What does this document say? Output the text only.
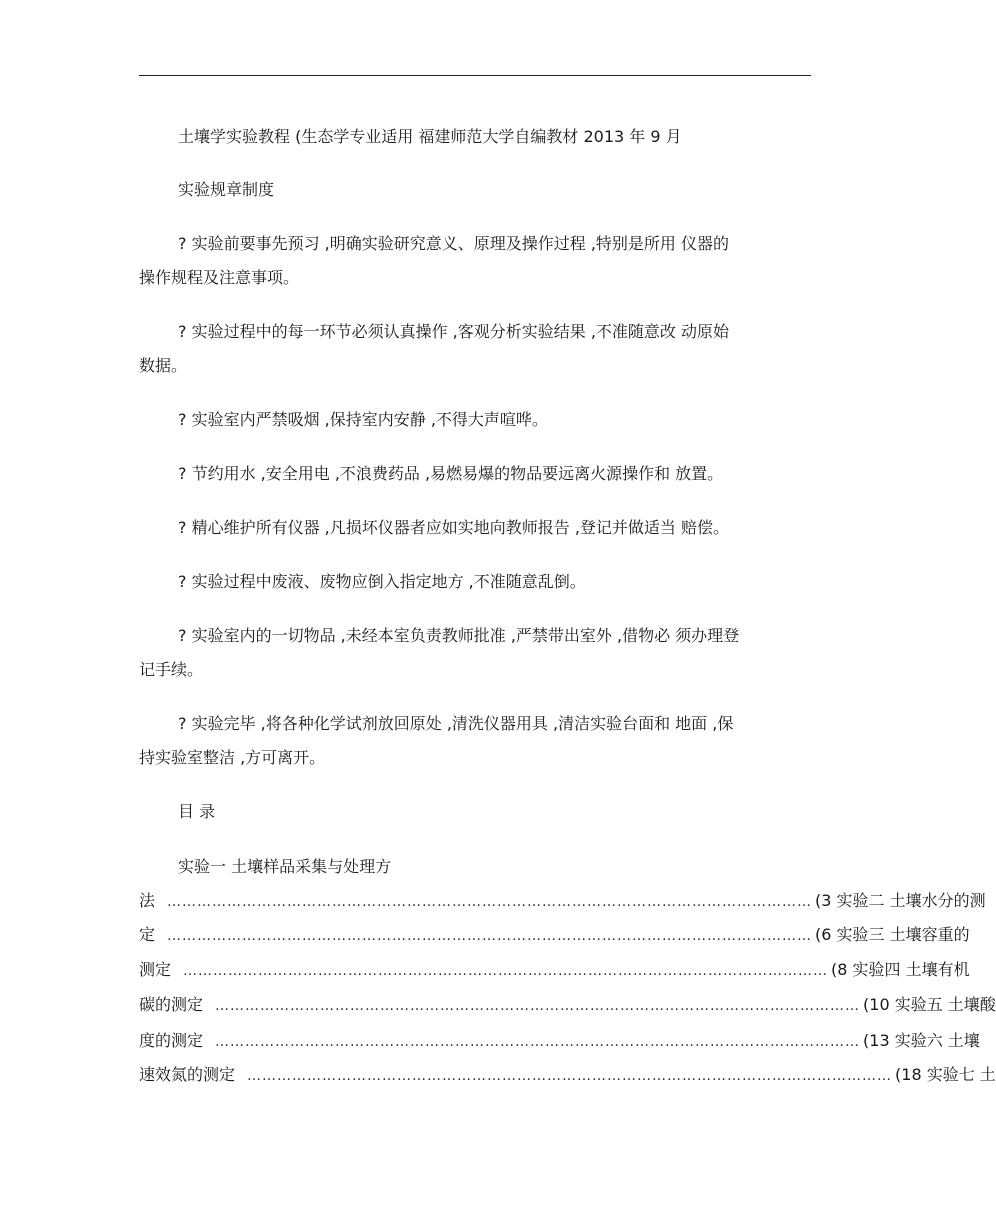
土壤学实验教程 (生态学专业适用 福建师范大学自编教材 2013 年 9 月
实验规章制度
? 实验前要事先预习 ,明确实验研究意义、原理及操作过程 ,特别是所用 仪器的
操作规程及注意事项。
? 实验过程中的每一环节必须认真操作 ,客观分析实验结果 ,不准随意改 动原始
数据。
? 实验室内严禁吸烟 ,保持室内安静 ,不得大声喧哗。
? 节约用水 ,安全用电 ,不浪费药品 ,易燃易爆的物品要远离火源操作和 放置。
? 精心维护所有仪器 ,凡损坏仪器者应如实地向教师报告 ,登记并做适当 赔偿。
? 实验过程中废液、废物应倒入指定地方 ,不准随意乱倒。
? 实验室内的一切物品 ,未经本室负责教师批准 ,严禁带出室外 ,借物必 须办理登
记手续。
? 实验完毕 ,将各种化学试剂放回原处 ,清洗仪器用具 ,清洁实验台面和 地面 ,保
持实验室整洁 ,方可离开。
目 录
实验一 土壤样品采集与处理方
法 ………………………………………………………………………………………………………………… (3 实验二 土壤水分的测
定 ………………………………………………………………………………………………………………… (6 实验三 土壤容重的
测定 ………………………………………………………………………………………………………………… (8 实验四 土壤有机
碳的测定 ………………………………………………………………………………………………………………… (10 实验五 土壤酸
度的测定 ………………………………………………………………………………………………………………… (13 实验六 土壤
速效氮的测定 ………………………………………………………………………………………………………………… (18 实验七 土
